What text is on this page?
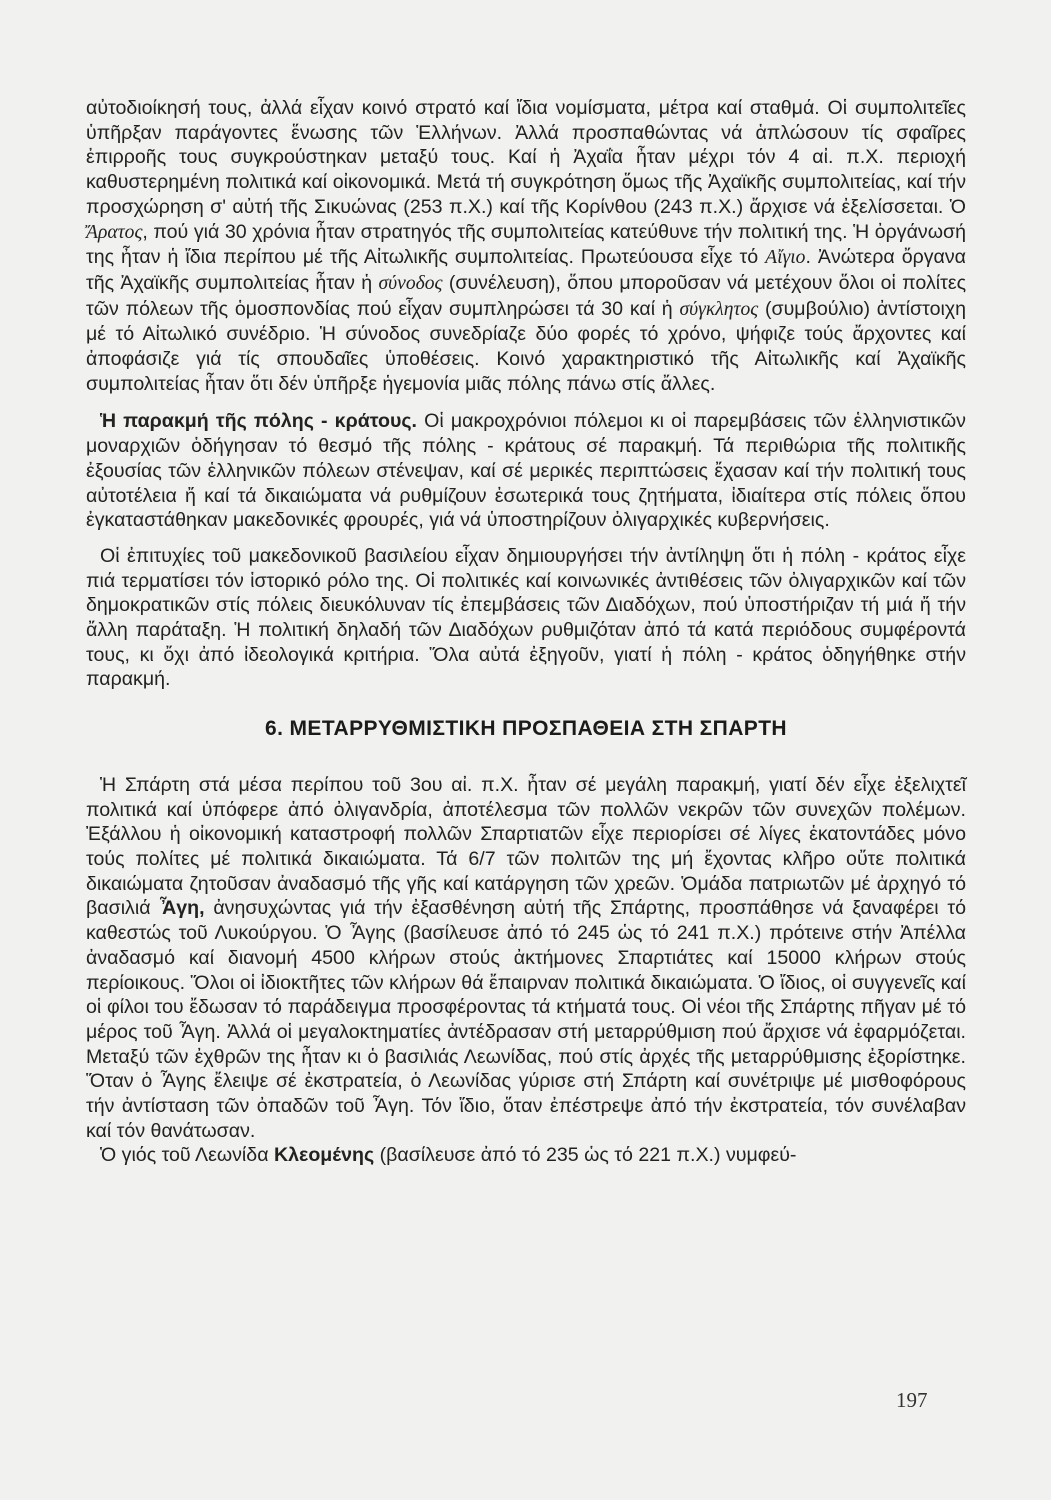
αὐτοδιοίκησή τους, ἀλλά εἶχαν κοινό στρατό καί ἴδια νομίσματα, μέτρα καί σταθμά. Οἱ συμπολιτεῖες ὑπῆρξαν παράγοντες ἕνωσης τῶν Ἑλλήνων. Ἀλλά προσπαθώντας νά ἁπλώσουν τίς σφαῖρες ἐπιρροῆς τους συγκρούστηκαν μεταξύ τους. Καί ἡ Ἀχαΐα ἦταν μέχρι τόν 4 αἰ. π.Χ. περιοχή καθυστερημένη πολιτικά καί οἰκονομικά. Μετά τή συγκρότηση ὅμως τῆς Ἀχαϊκῆς συμπολιτείας, καί τήν προσχώρηση σ' αὐτή τῆς Σικυώνας (253 π.Χ.) καί τῆς Κορίνθου (243 π.Χ.) ἄρχισε νά ἐξελίσσεται. Ὁ Ἄρατος, πού γιά 30 χρόνια ἦταν στρατηγός τῆς συμπολιτείας κατεύθυνε τήν πολιτική της. Ἡ ὀργάνωσή της ἦταν ἡ ἴδια περίπου μέ τῆς Αἰτωλικῆς συμπολιτείας. Πρωτεύουσα εἶχε τό Αἴγιο. Ἀνώτερα ὄργανα τῆς Ἀχαϊκῆς συμπολιτείας ἦταν ἡ σύνοδος (συνέλευση), ὅπου μποροῦσαν νά μετέχουν ὅλοι οἱ πολίτες τῶν πόλεων τῆς ὁμοσπονδίας πού εἶχαν συμπληρώσει τά 30 καί ἡ σύγκλητος (συμβούλιο) ἀντίστοιχη μέ τό Αἰτωλικό συνέδριο. Ἡ σύνοδος συνεδρίαζε δύο φορές τό χρόνο, ψήφιζε τούς ἄρχοντες καί ἀποφάσιζε γιά τίς σπουδαῖες ὑποθέσεις. Κοινό χαρακτηριστικό τῆς Αἰτωλικῆς καί Ἀχαϊκῆς συμπολιτείας ἦταν ὅτι δέν ὑπῆρξε ἡγεμονία μιᾶς πόλης πάνω στίς ἄλλες.

Ἡ παρακμή τῆς πόλης - κράτους. Οἱ μακροχρόνιοι πόλεμοι κι οἱ παρεμβάσεις τῶν ἑλληνιστικῶν μοναρχιῶν ὁδήγησαν τό θεσμό τῆς πόλης - κράτους σέ παρακμή. Τά περιθώρια τῆς πολιτικῆς ἐξουσίας τῶν ἑλληνικῶν πόλεων στένεψαν, καί σέ μερικές περιπτώσεις ἔχασαν καί τήν πολιτική τους αὐτοτέλεια ἤ καί τά δικαιώματα νά ρυθμίζουν ἐσωτερικά τους ζητήματα, ἰδιαίτερα στίς πόλεις ὅπου ἐγκαταστάθηκαν μακεδονικές φρουρές, γιά νά ὑποστηρίζουν ὀλιγαρχικές κυβερνήσεις.

Οἱ ἐπιτυχίες τοῦ μακεδονικοῦ βασιλείου εἶχαν δημιουργήσει τήν ἀντίληψη ὅτι ἡ πόλη - κράτος εἶχε πιά τερματίσει τόν ἱστορικό ρόλο της. Οἱ πολιτικές καί κοινωνικές ἀντιθέσεις τῶν ὀλιγαρχικῶν καί τῶν δημοκρατικῶν στίς πόλεις διευκόλυναν τίς ἐπεμβάσεις τῶν Διαδόχων, πού ὑποστήριζαν τή μιά ἤ τήν ἄλλη παράταξη. Ἡ πολιτική δηλαδή τῶν Διαδόχων ρυθμιζόταν ἀπό τά κατά περιόδους συμφέροντά τους, κι ὄχι ἀπό ἰδεολογικά κριτήρια. Ὅλα αὐτά ἐξηγοῦν, γιατί ἡ πόλη - κράτος ὁδηγήθηκε στήν παρακμή.

6. ΜΕΤΑΡΡΥΘΜΙΣΤΙΚΗ ΠΡΟΣΠΑΘΕΙΑ ΣΤΗ ΣΠΑΡΤΗ

Ἡ Σπάρτη στά μέσα περίπου τοῦ 3ου αἰ. π.Χ. ἦταν σέ μεγάλη παρακμή, γιατί δέν εἶχε ἐξελιχτεῖ πολιτικά καί ὑπόφερε ἀπό ὀλιγανδρία, ἀποτέλεσμα τῶν πολλῶν νεκρῶν τῶν συνεχῶν πολέμων. Ἐξάλλου ἡ οἰκονομική καταστροφή πολλῶν Σπαρτιατῶν εἶχε περιορίσει σέ λίγες ἑκατοντάδες μόνο τούς πολίτες μέ πολιτικά δικαιώματα. Τά 6/7 τῶν πολιτῶν της μή ἔχοντας κλῆρο οὔτε πολιτικά δικαιώματα ζητοῦσαν ἀναδασμό τῆς γῆς καί κατάργηση τῶν χρεῶν. Ὁμάδα πατριωτῶν μέ ἀρχηγό τό βασιλιά Ἆγη, ἀνησυχώντας γιά τήν ἐξασθένηση αὐτή τῆς Σπάρτης, προσπάθησε νά ξαναφέρει τό καθεστώς τοῦ Λυκούργου. Ὁ Ἆγης (βασίλευσε ἀπό τό 245 ὡς τό 241 π.Χ.) πρότεινε στήν Ἀπέλλα ἀναδασμό καί διανομή 4500 κλήρων στούς ἀκτήμονες Σπαρτιάτες καί 15000 κλήρων στούς περίοικους. Ὅλοι οἱ ἰδιοκτῆτες τῶν κλήρων θά ἔπαιρναν πολιτικά δικαιώματα. Ὁ ἴδιος, οἱ συγγενεῖς καί οἱ φίλοι του ἔδωσαν τό παράδειγμα προσφέροντας τά κτήματά τους. Οἱ νέοι τῆς Σπάρτης πῆγαν μέ τό μέρος τοῦ Ἆγη. Ἀλλά οἱ μεγαλοκτηματίες ἀντέδρασαν στή μεταρρύθμιση πού ἄρχισε νά ἐφαρμόζεται. Μεταξύ τῶν ἐχθρῶν της ἦταν κι ὁ βασιλιάς Λεωνίδας, πού στίς ἀρχές τῆς μεταρρύθμισης ἐξορίστηκε. Ὅταν ὁ Ἆγης ἔλειψε σέ ἐκστρατεία, ὁ Λεωνίδας γύρισε στή Σπάρτη καί συνέτριψε μέ μισθοφόρους τήν ἀντίσταση τῶν ὀπαδῶν τοῦ Ἆγη. Τόν ἴδιο, ὅταν ἐπέστρεψε ἀπό τήν ἐκστρατεία, τόν συνέλαβαν καί τόν θανάτωσαν.

Ὁ γιός τοῦ Λεωνίδα Κλεομένης (βασίλευσε ἀπό τό 235 ὡς τό 221 π.Χ.) νυμφεύ-

197
